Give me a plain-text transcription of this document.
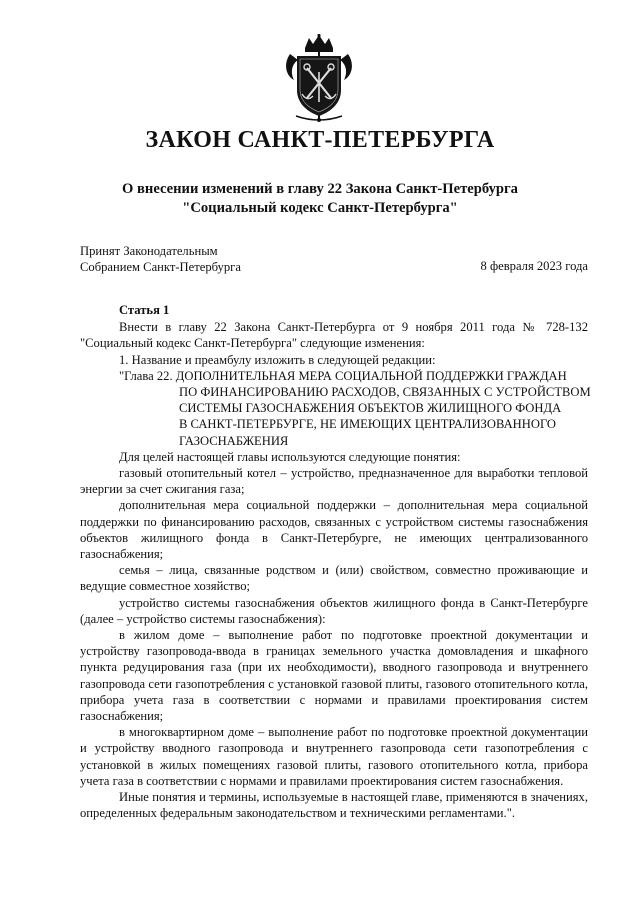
ЗАКОН САНКТ-ПЕТЕРБУРГА
О внесении изменений в главу 22 Закона Санкт-Петербурга
"Социальный кодекс Санкт-Петербурга"
Принят Законодательным
Собранием Санкт-Петербурга	8 февраля 2023 года

Статья 1

Внести в главу 22 Закона Санкт-Петербурга от 9 ноября 2011 года № 728-132 "Социальный кодекс Санкт-Петербурга" следующие изменения:

1. Название и преамбулу изложить в следующей редакции:

"Глава 22. ДОПОЛНИТЕЛЬНАЯ МЕРА СОЦИАЛЬНОЙ ПОДДЕРЖКИ ГРАЖДАН
ПО ФИНАНСИРОВАНИЮ РАСХОДОВ, СВЯЗАННЫХ С УСТРОЙСТВОМ
СИСТЕМЫ ГАЗОСНАБЖЕНИЯ ОБЪЕКТОВ ЖИЛИЩНОГО ФОНДА
В САНКТ-ПЕТЕРБУРГЕ, НЕ ИМЕЮЩИХ ЦЕНТРАЛИЗОВАННОГО
ГАЗОСНАБЖЕНИЯ

Для целей настоящей главы используются следующие понятия:

газовый отопительный котел – устройство, предназначенное для выработки тепловой энергии за счет сжигания газа;

дополнительная мера социальной поддержки – дополнительная мера социальной поддержки по финансированию расходов, связанных с устройством системы газоснабжения объектов жилищного фонда в Санкт-Петербурге, не имеющих централизованного газоснабжения;

семья – лица, связанные родством и (или) свойством, совместно проживающие и ведущие совместное хозяйство;

устройство системы газоснабжения объектов жилищного фонда в Санкт-Петербурге (далее – устройство системы газоснабжения):

в жилом доме – выполнение работ по подготовке проектной документации и устройству газопровода-ввода в границах земельного участка домовладения и шкафного пункта редуцирования газа (при их необходимости), вводного газопровода и внутреннего газопровода сети газопотребления с установкой газовой плиты, газового отопительного котла, прибора учета газа в соответствии с нормами и правилами проектирования систем газоснабжения;

в многоквартирном доме – выполнение работ по подготовке проектной документации и устройству вводного газопровода и внутреннего газопровода сети газопотребления с установкой в жилых помещениях газовой плиты, газового отопительного котла, прибора учета газа в соответствии с нормами и правилами проектирования систем газоснабжения.

Иные понятия и термины, используемые в настоящей главе, применяются в значениях, определенных федеральным законодательством и техническими регламентами.".
